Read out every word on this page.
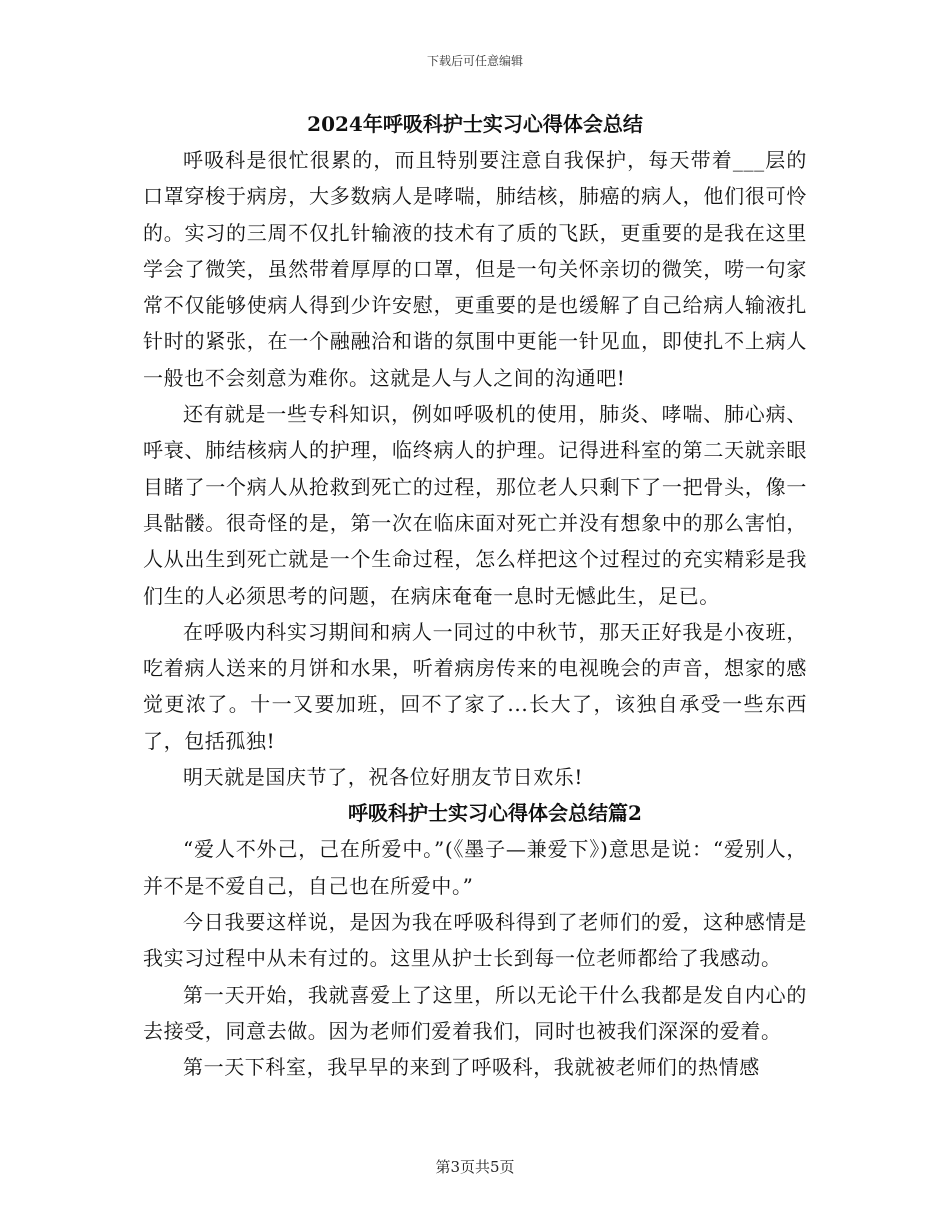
下载后可任意编辑

2024年呼吸科护士实习心得体会总结

呼吸科是很忙很累的，而且特别要注意自我保护，每天带着___层的口罩穿梭于病房，大多数病人是哮喘，肺结核，肺癌的病人，他们很可怜的。实习的三周不仅扎针输液的技术有了质的飞跃，更重要的是我在这里学会了微笑，虽然带着厚厚的口罩，但是一句关怀亲切的微笑，唠一句家常不仅能够使病人得到少许安慰，更重要的是也缓解了自己给病人输液扎针时的紧张，在一个融融洽和谐的氛围中更能一针见血，即使扎不上病人一般也不会刻意为难你。这就是人与人之间的沟通吧!

还有就是一些专科知识，例如呼吸机的使用，肺炎、哮喘、肺心病、呼衰、肺结核病人的护理，临终病人的护理。记得进科室的第二天就亲眼目睹了一个病人从抢救到死亡的过程，那位老人只剩下了一把骨头，像一具骷髅。很奇怪的是，第一次在临床面对死亡并没有想象中的那么害怕，人从出生到死亡就是一个生命过程，怎么样把这个过程过的充实精彩是我们生的人必须思考的问题，在病床奄奄一息时无憾此生，足已。

在呼吸内科实习期间和病人一同过的中秋节，那天正好我是小夜班，吃着病人送来的月饼和水果，听着病房传来的电视晚会的声音，想家的感觉更浓了。十一又要加班，回不了家了...长大了，该独自承受一些东西了，包括孤独!

明天就是国庆节了，祝各位好朋友节日欢乐!

呼吸科护士实习心得体会总结篇2

“爱人不外己，己在所爱中。”(《墨子—兼爱下》)意思是说：“爱别人，并不是不爱自己，自己也在所爱中。”

今日我要这样说，是因为我在呼吸科得到了老师们的爱，这种感情是我实习过程中从未有过的。这里从护士长到每一位老师都给了我感动。

第一天开始，我就喜爱上了这里，所以无论干什么我都是发自内心的去接受，同意去做。因为老师们爱着我们，同时也被我们深深的爱着。

第一天下科室，我早早的来到了呼吸科，我就被老师们的热情感

第3页共5页
